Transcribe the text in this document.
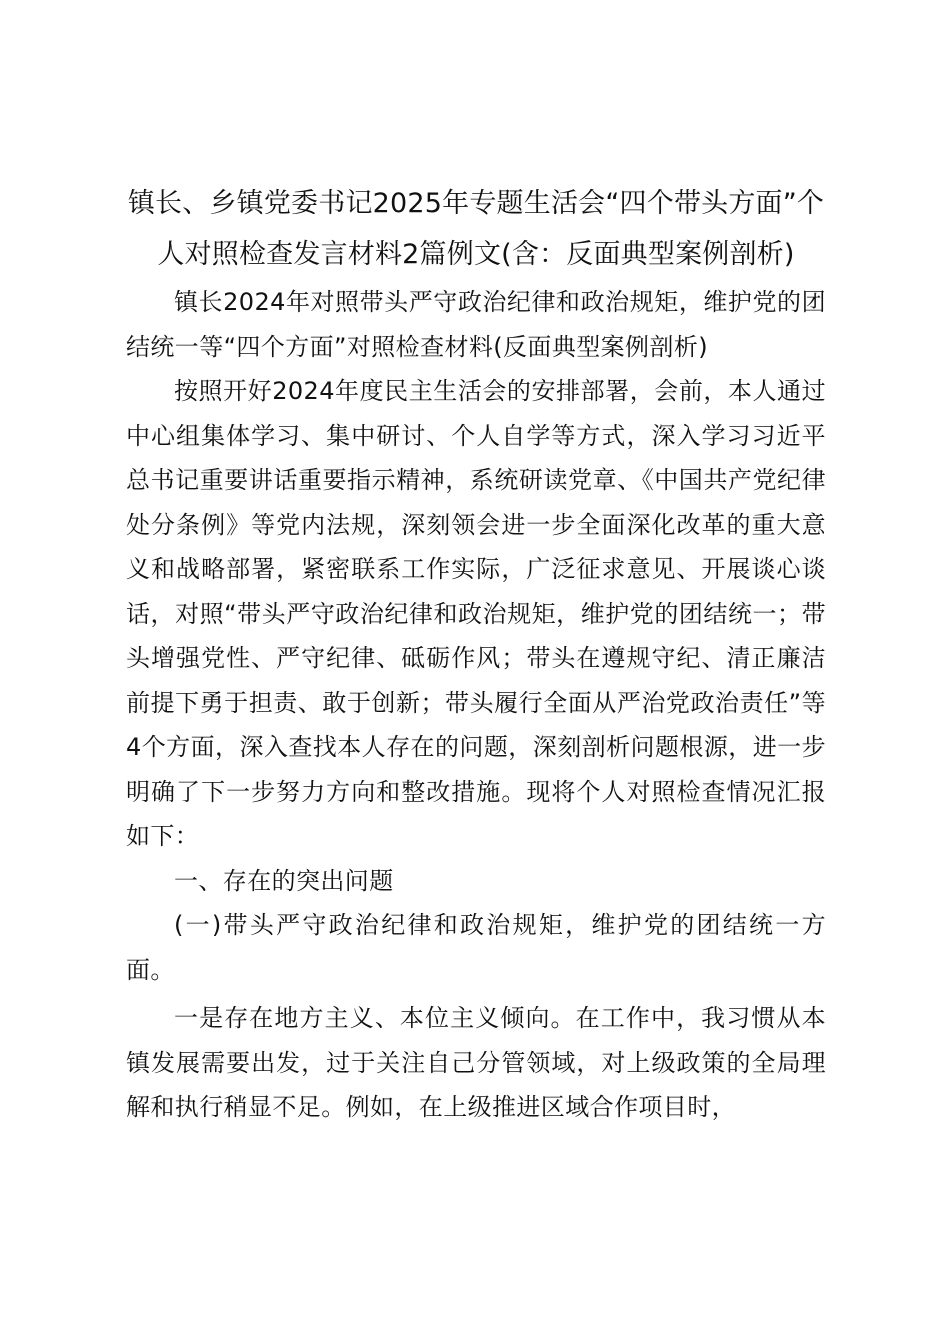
镇长、乡镇党委书记2025年专题生活会“四个带头方面”个人对照检查发言材料2篇例文(含：反面典型案例剖析)

镇长2024年对照带头严守政治纪律和政治规矩，维护党的团结统一等“四个方面”对照检查材料(反面典型案例剖析)

按照开好2024年度民主生活会的安排部署，会前，本人通过中心组集体学习、集中研讨、个人自学等方式，深入学习习近平总书记重要讲话重要指示精神，系统研读党章、《中国共产党纪律处分条例》等党内法规，深刻领会进一步全面深化改革的重大意义和战略部署，紧密联系工作实际，广泛征求意见、开展谈心谈话，对照“带头严守政治纪律和政治规矩，维护党的团结统一；带头增强党性、严守纪律、砥砺作风；带头在遵规守纪、清正廉洁前提下勇于担责、敢于创新；带头履行全面从严治党政治责任”等4个方面，深入查找本人存在的问题，深刻剖析问题根源，进一步明确了下一步努力方向和整改措施。现将个人对照检查情况汇报如下：

一、存在的突出问题

(一)带头严守政治纪律和政治规矩，维护党的团结统一方面。

一是存在地方主义、本位主义倾向。在工作中，我习惯从本镇发展需要出发，过于关注自己分管领域，对上级政策的全局理解和执行稍显不足。例如，在上级推进区域合作项目时，
